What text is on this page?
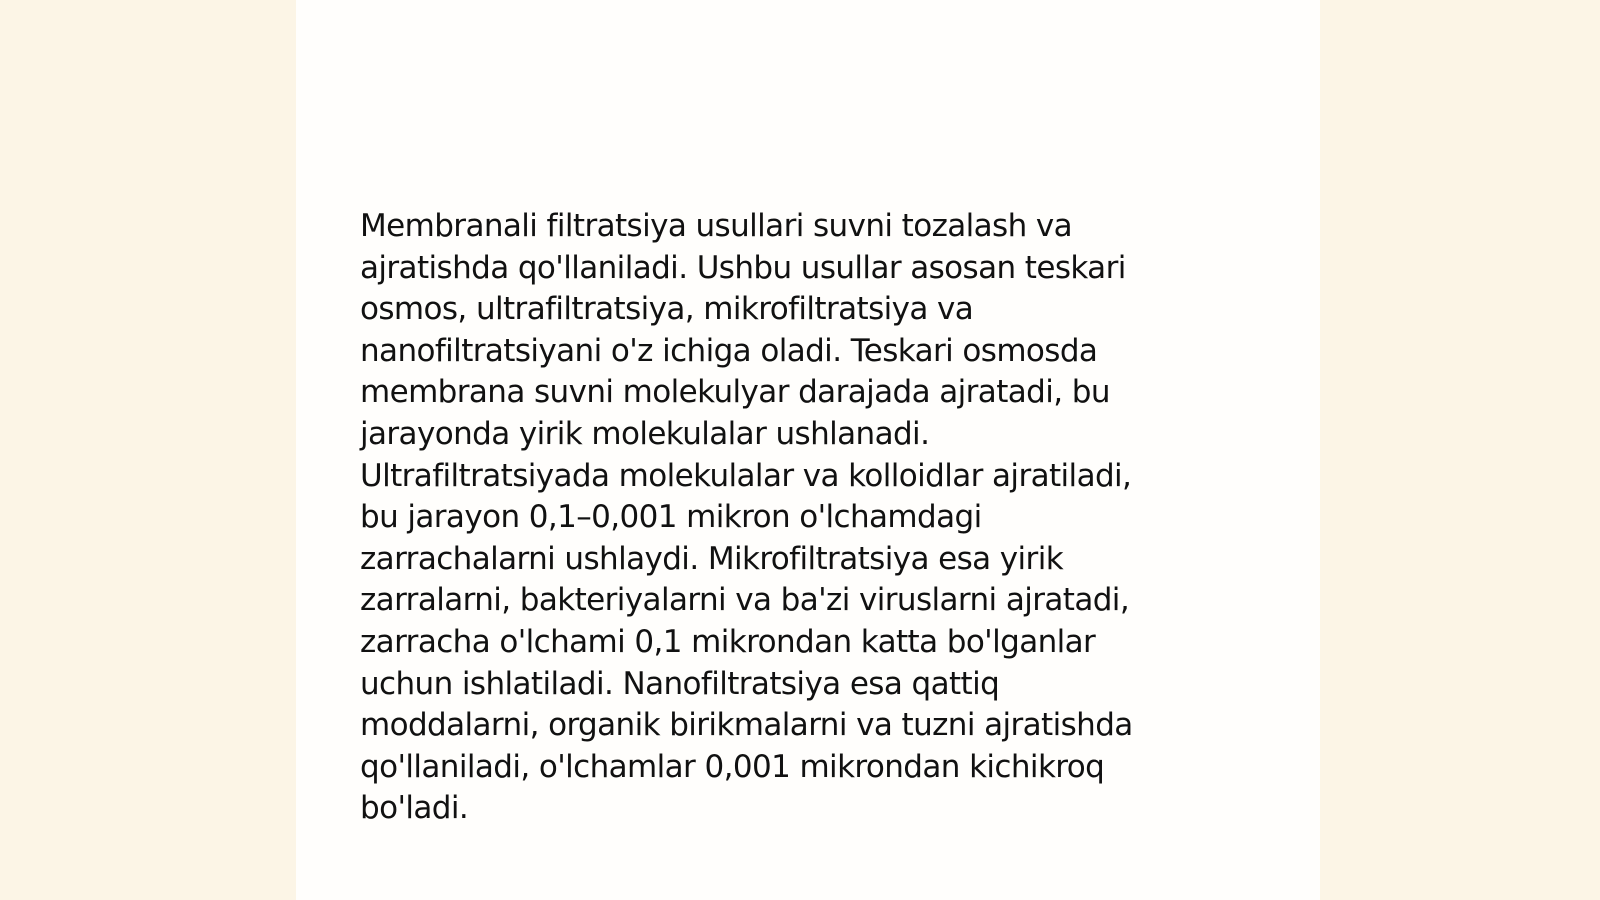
Membranali filtratsiya usullari suvni tozalash va
ajratishda qo'llaniladi. Ushbu usullar asosan teskari
osmos, ultrafiltratsiya, mikrofiltratsiya va
nanofiltratsiyani o'z ichiga oladi. Teskari osmosda
membrana suvni molekulyar darajada ajratadi, bu
jarayonda yirik molekulalar ushlanadi.
Ultrafiltratsiyada molekulalar va kolloidlar ajratiladi,
bu jarayon 0,1–0,001 mikron o'lchamdagi
zarrachalarni ushlaydi. Mikrofiltratsiya esa yirik
zarralarni, bakteriyalarni va ba'zi viruslarni ajratadi,
zarracha o'lchami 0,1 mikrondan katta bo'lganlar
uchun ishlatiladi. Nanofiltratsiya esa qattiq
moddalarni, organik birikmalarni va tuzni ajratishda
qo'llaniladi, o'lchamlar 0,001 mikrondan kichikroq
bo'ladi.
